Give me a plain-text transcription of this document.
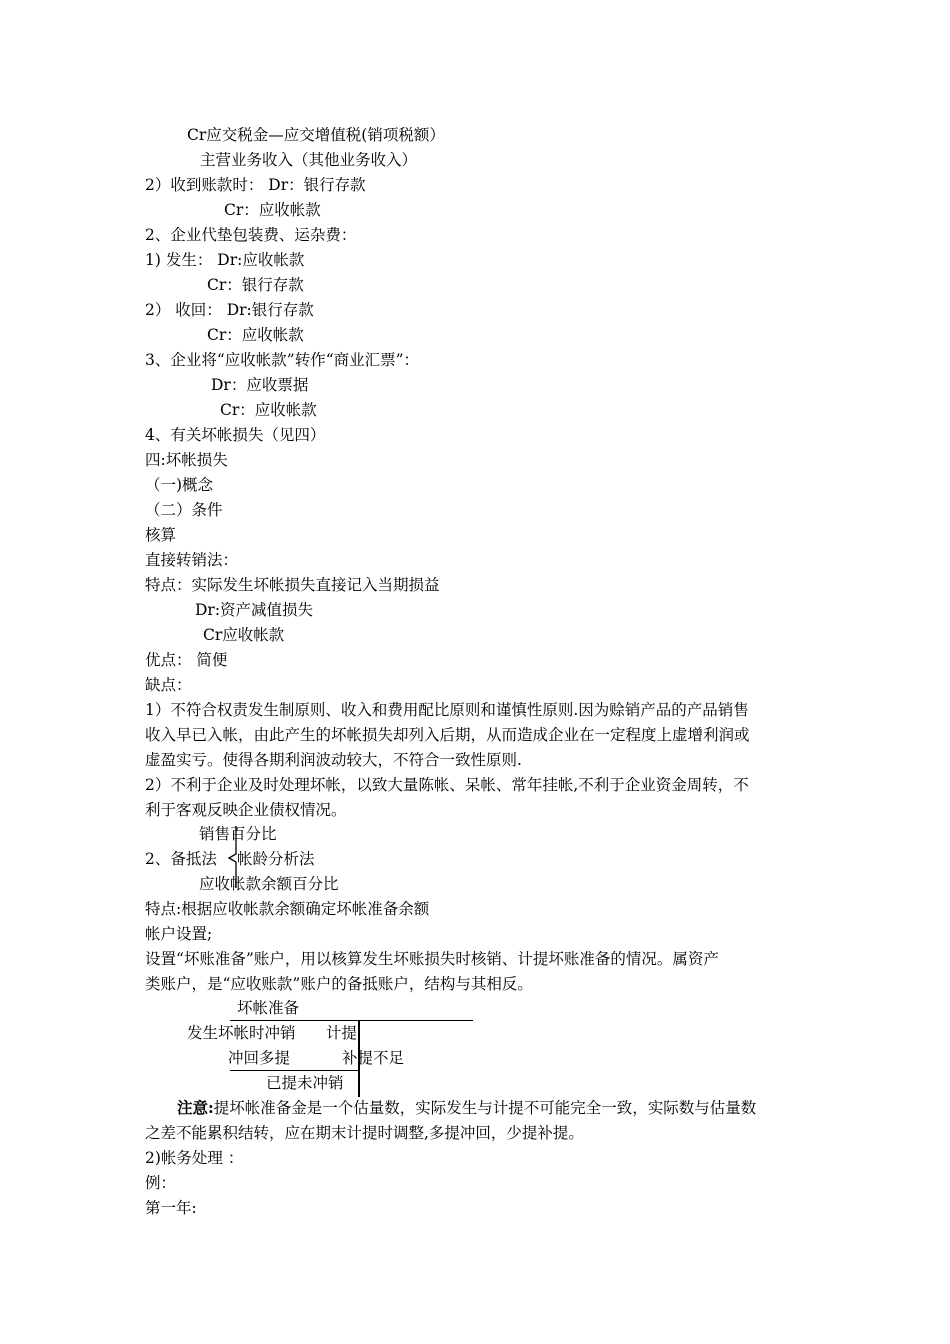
Cr应交税金—应交增值税(销项税额）
主营业务收入（其他业务收入）
2）收到账款时： Dr：银行存款
Cr：应收帐款
2、企业代垫包装费、运杂费：
1) 发生： Dr:应收帐款
Cr：银行存款
2） 收回： Dr:银行存款
Cr：应收帐款
3、企业将“应收帐款”转作“商业汇票”：
Dr：应收票据
Cr：应收帐款
4、有关坏帐损失（见四）
四:坏帐损失
（一)概念
（二）条件
核算
直接转销法：
特点：实际发生坏帐损失直接记入当期损益
Dr:资产减值损失
Cr应收帐款
优点： 简便
缺点：
1）不符合权责发生制原则、收入和费用配比原则和谨慎性原则.因为赊销产品的产品销售
收入早已入帐，由此产生的坏帐损失却列入后期，从而造成企业在一定程度上虚增利润或
虚盈实亏。使得各期利润波动较大，不符合一致性原则.
2）不利于企业及时处理坏帐，以致大量陈帐、呆帐、常年挂帐,不利于企业资金周转，不
利于客观反映企业债权情况。
销售百分比
2、备抵法 帐龄分析法
应收帐款余额百分比
特点:根据应收帐款余额确定坏帐准备余额
帐户设置;
设置“坏账准备”账户，用以核算发生坏账损失时核销、计提坏账准备的情况。属资产
类账户，是“应收账款”账户的备抵账户，结构与其相反。
坏帐准备
发生坏帐时冲销 计提
冲回多提	补提不足
已提未冲销
注意:提坏帐准备金是一个估量数，实际发生与计提不可能完全一致，实际数与估量数
之差不能累积结转，应在期末计提时调整,多提冲回，少提补提。
2)帐务处理 ：
例：
第一年:
